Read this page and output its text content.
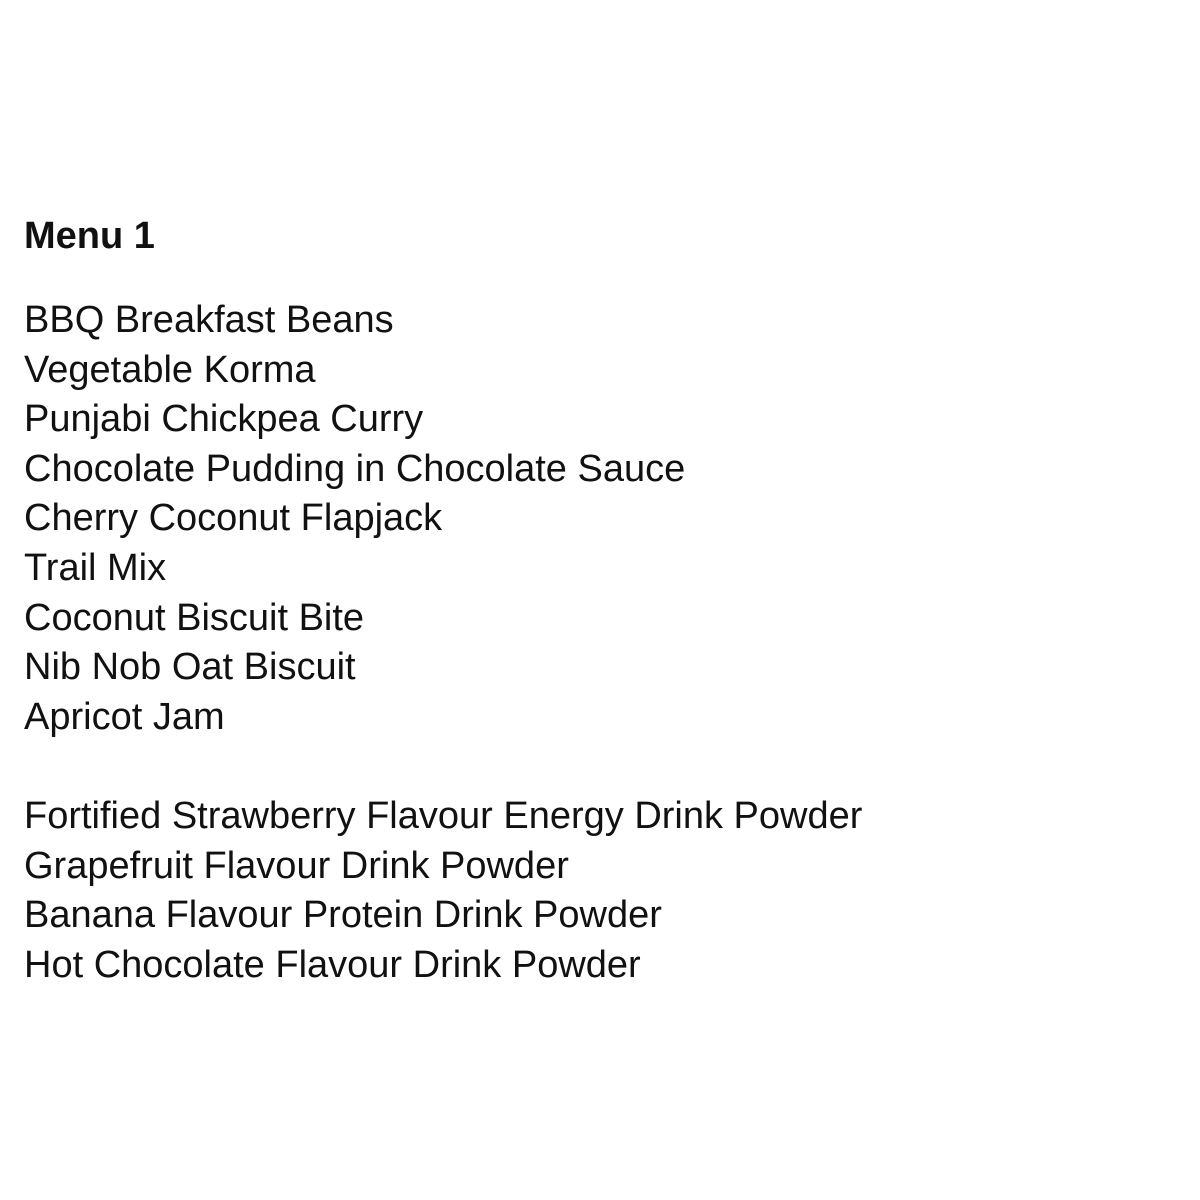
Menu 1
BBQ Breakfast Beans
Vegetable Korma
Punjabi Chickpea Curry
Chocolate Pudding in Chocolate Sauce
Cherry Coconut Flapjack
Trail Mix
Coconut Biscuit Bite
Nib Nob Oat Biscuit
Apricot Jam
Fortified Strawberry Flavour Energy Drink Powder
Grapefruit Flavour Drink Powder
Banana Flavour Protein Drink Powder
Hot Chocolate Flavour Drink Powder
